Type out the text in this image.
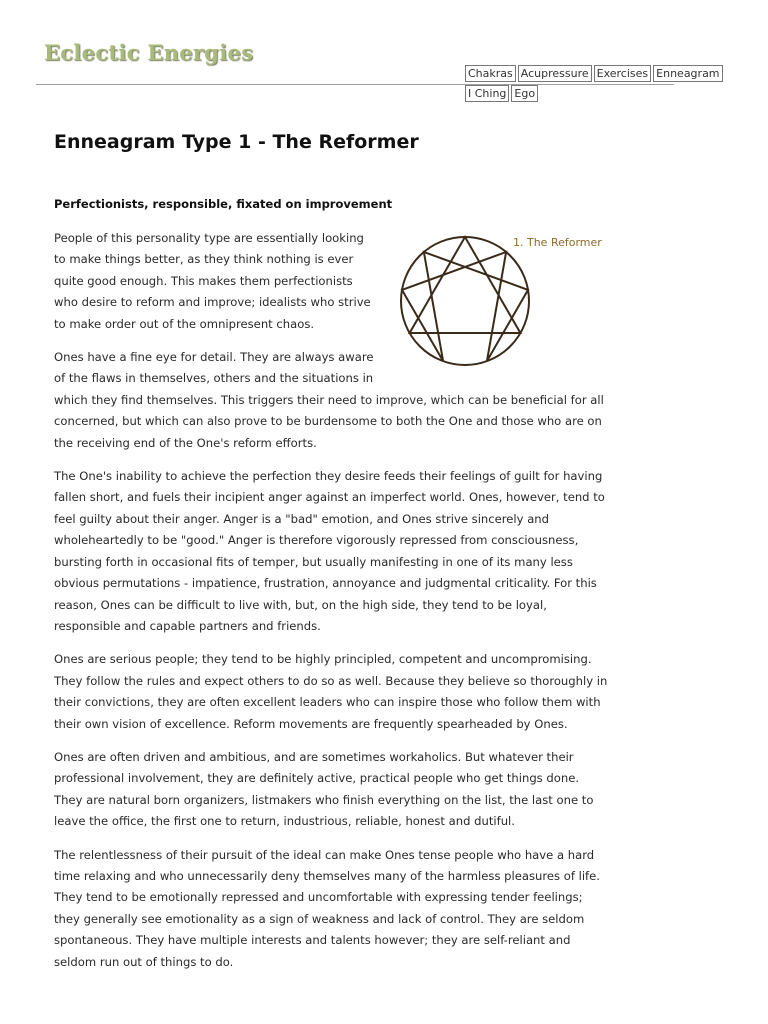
Eclectic Energies
Chakras Acupressure Exercises Enneagram
I Ching Ego
Enneagram Type 1 - The Reformer
Perfectionists, responsible, fixated on improvement
1. The Reformer

People of this personality type are essentially looking to make things better, as they think nothing is ever quite good enough. This makes them perfectionists who desire to reform and improve; idealists who strive to make order out of the omnipresent chaos.

Ones have a fine eye for detail. They are always aware of the flaws in themselves, others and the situations in which they find themselves. This triggers their need to improve, which can be beneficial for all concerned, but which can also prove to be burdensome to both the One and those who are on the receiving end of the One's reform efforts.

The One's inability to achieve the perfection they desire feeds their feelings of guilt for having fallen short, and fuels their incipient anger against an imperfect world. Ones, however, tend to feel guilty about their anger. Anger is a "bad" emotion, and Ones strive sincerely and wholeheartedly to be "good." Anger is therefore vigorously repressed from consciousness, bursting forth in occasional fits of temper, but usually manifesting in one of its many less obvious permutations - impatience, frustration, annoyance and judgmental criticality. For this reason, Ones can be difficult to live with, but, on the high side, they tend to be loyal, responsible and capable partners and friends.

Ones are serious people; they tend to be highly principled, competent and uncompromising. They follow the rules and expect others to do so as well. Because they believe so thoroughly in their convictions, they are often excellent leaders who can inspire those who follow them with their own vision of excellence. Reform movements are frequently spearheaded by Ones.

Ones are often driven and ambitious, and are sometimes workaholics. But whatever their professional involvement, they are definitely active, practical people who get things done. They are natural born organizers, listmakers who finish everything on the list, the last one to leave the office, the first one to return, industrious, reliable, honest and dutiful.

The relentlessness of their pursuit of the ideal can make Ones tense people who have a hard time relaxing and who unnecessarily deny themselves many of the harmless pleasures of life. They tend to be emotionally repressed and uncomfortable with expressing tender feelings; they generally see emotionality as a sign of weakness and lack of control. They are seldom spontaneous. They have multiple interests and talents however; they are self-reliant and seldom run out of things to do.
